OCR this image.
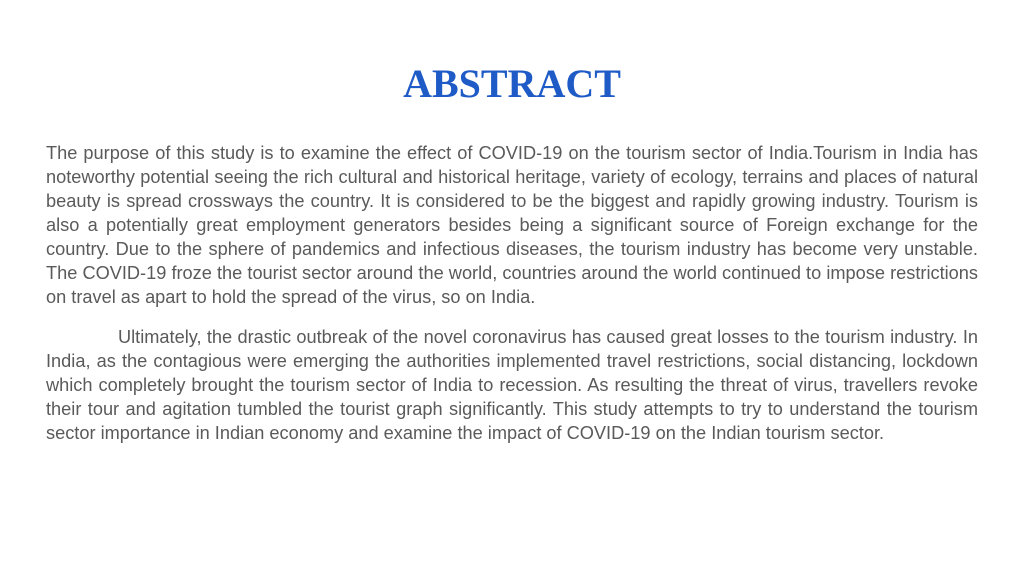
ABSTRACT

The purpose of this study is to examine the effect of COVID-19 on the tourism sector of India.Tourism in India has noteworthy potential seeing the rich cultural and historical heritage, variety of ecology, terrains and places of natural beauty is spread crossways the country. It is considered to be the biggest and rapidly growing industry. Tourism is also a potentially great employment generators besides being a significant source of Foreign exchange for the country. Due to the sphere of pandemics and infectious diseases, the tourism industry has become very unstable. The COVID-19 froze the tourist sector around the world, countries around the world continued to impose restrictions on travel as apart to hold the spread of the virus, so on India.

Ultimately, the drastic outbreak of the novel coronavirus has caused great losses to the tourism industry. In India, as the contagious were emerging the authorities implemented travel restrictions, social distancing, lockdown which completely brought the tourism sector of India to recession. As resulting the threat of virus, travellers revoke their tour and agitation tumbled the tourist graph significantly. This study attempts to try to understand the tourism sector importance in Indian economy and examine the impact of COVID-19 on the Indian tourism sector.
